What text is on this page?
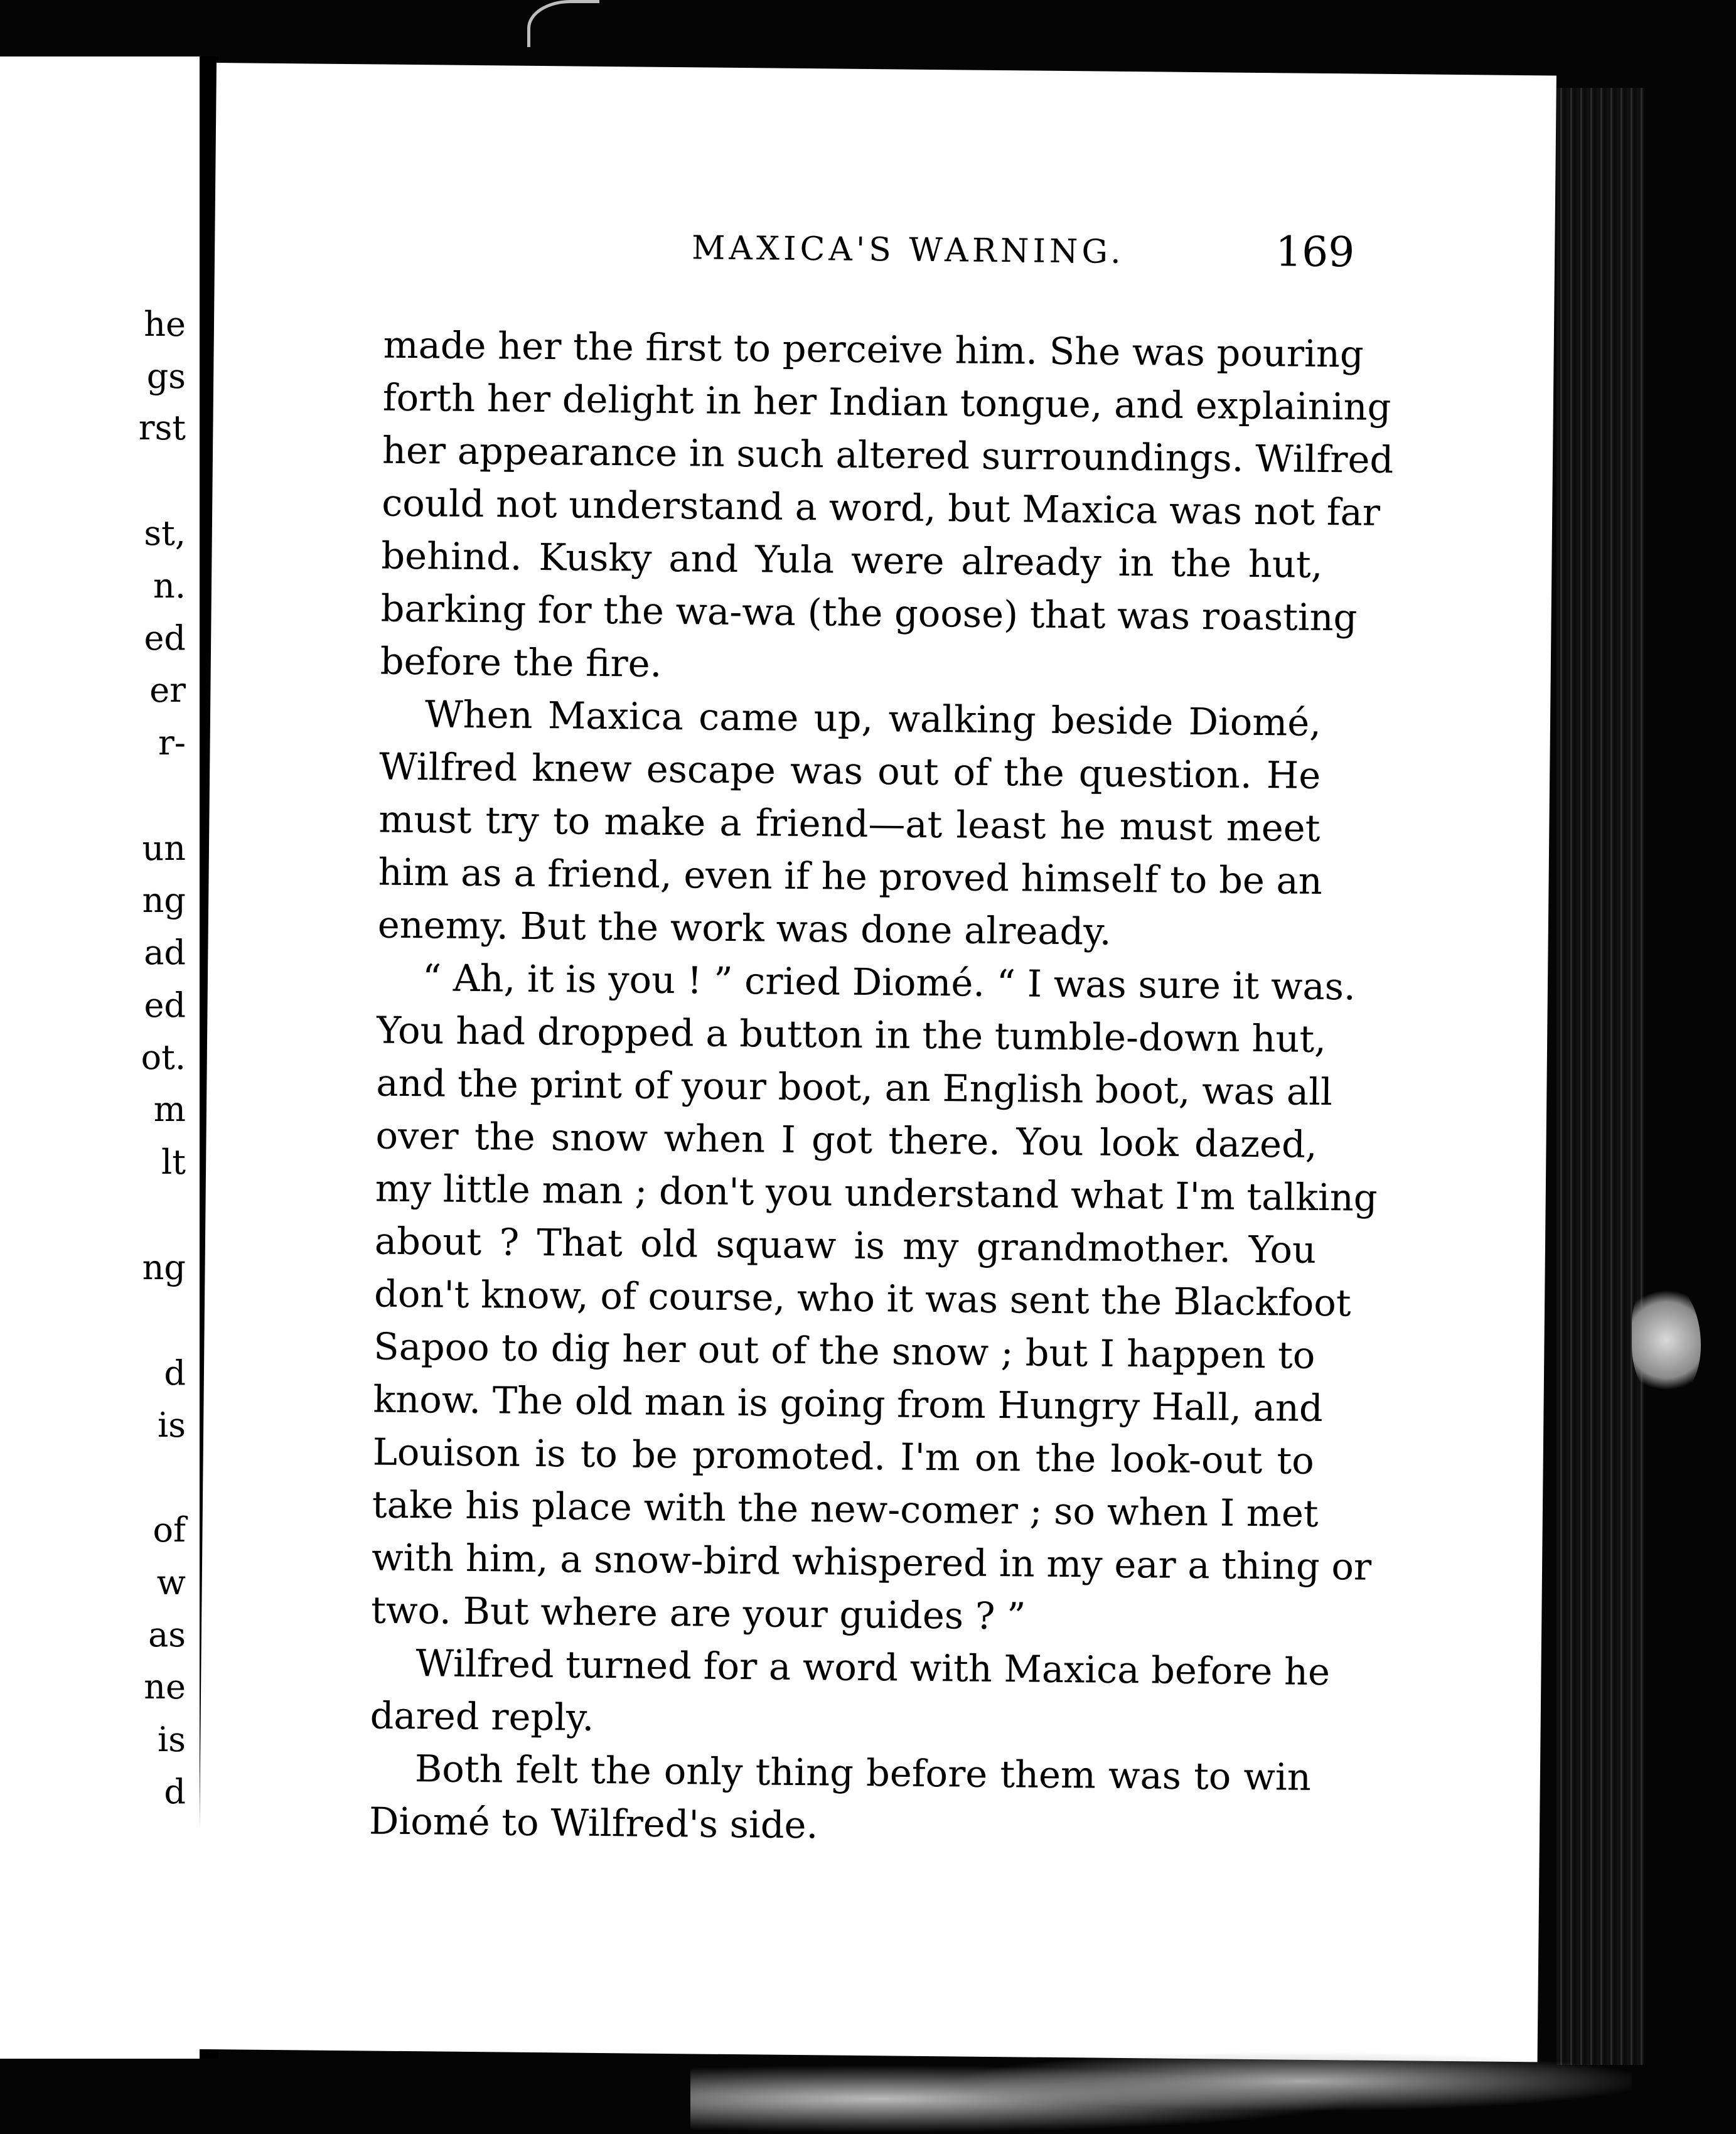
he
gs
rst
st,
n.
ed
er
r-
un
ng
ad
ed
ot.
m
lt
ng
d
is
of
w
as
ne
is
d
MAXICA'S WARNING.	169
made her the first to perceive him. She was pouring
forth her delight in her Indian tongue, and explaining
her appearance in such altered surroundings. Wilfred
could not understand a word, but Maxica was not far
behind. Kusky and Yula were already in the hut,
barking for the wa-wa (the goose) that was roasting
before the fire.
When Maxica came up, walking beside Diomé,
Wilfred knew escape was out of the question. He
must try to make a friend—at least he must meet
him as a friend, even if he proved himself to be an
enemy. But the work was done already.
“ Ah, it is you ! ” cried Diomé. “ I was sure it was.
You had dropped a button in the tumble-down hut,
and the print of your boot, an English boot, was all
over the snow when I got there. You look dazed,
my little man ; don't you understand what I'm talking
about ? That old squaw is my grandmother. You
don't know, of course, who it was sent the Blackfoot
Sapoo to dig her out of the snow ; but I happen to
know. The old man is going from Hungry Hall, and
Louison is to be promoted. I'm on the look-out to
take his place with the new-comer ; so when I met
with him, a snow-bird whispered in my ear a thing or
two. But where are your guides ? ”
Wilfred turned for a word with Maxica before he
dared reply.
Both felt the only thing before them was to win
Diomé to Wilfred's side.
